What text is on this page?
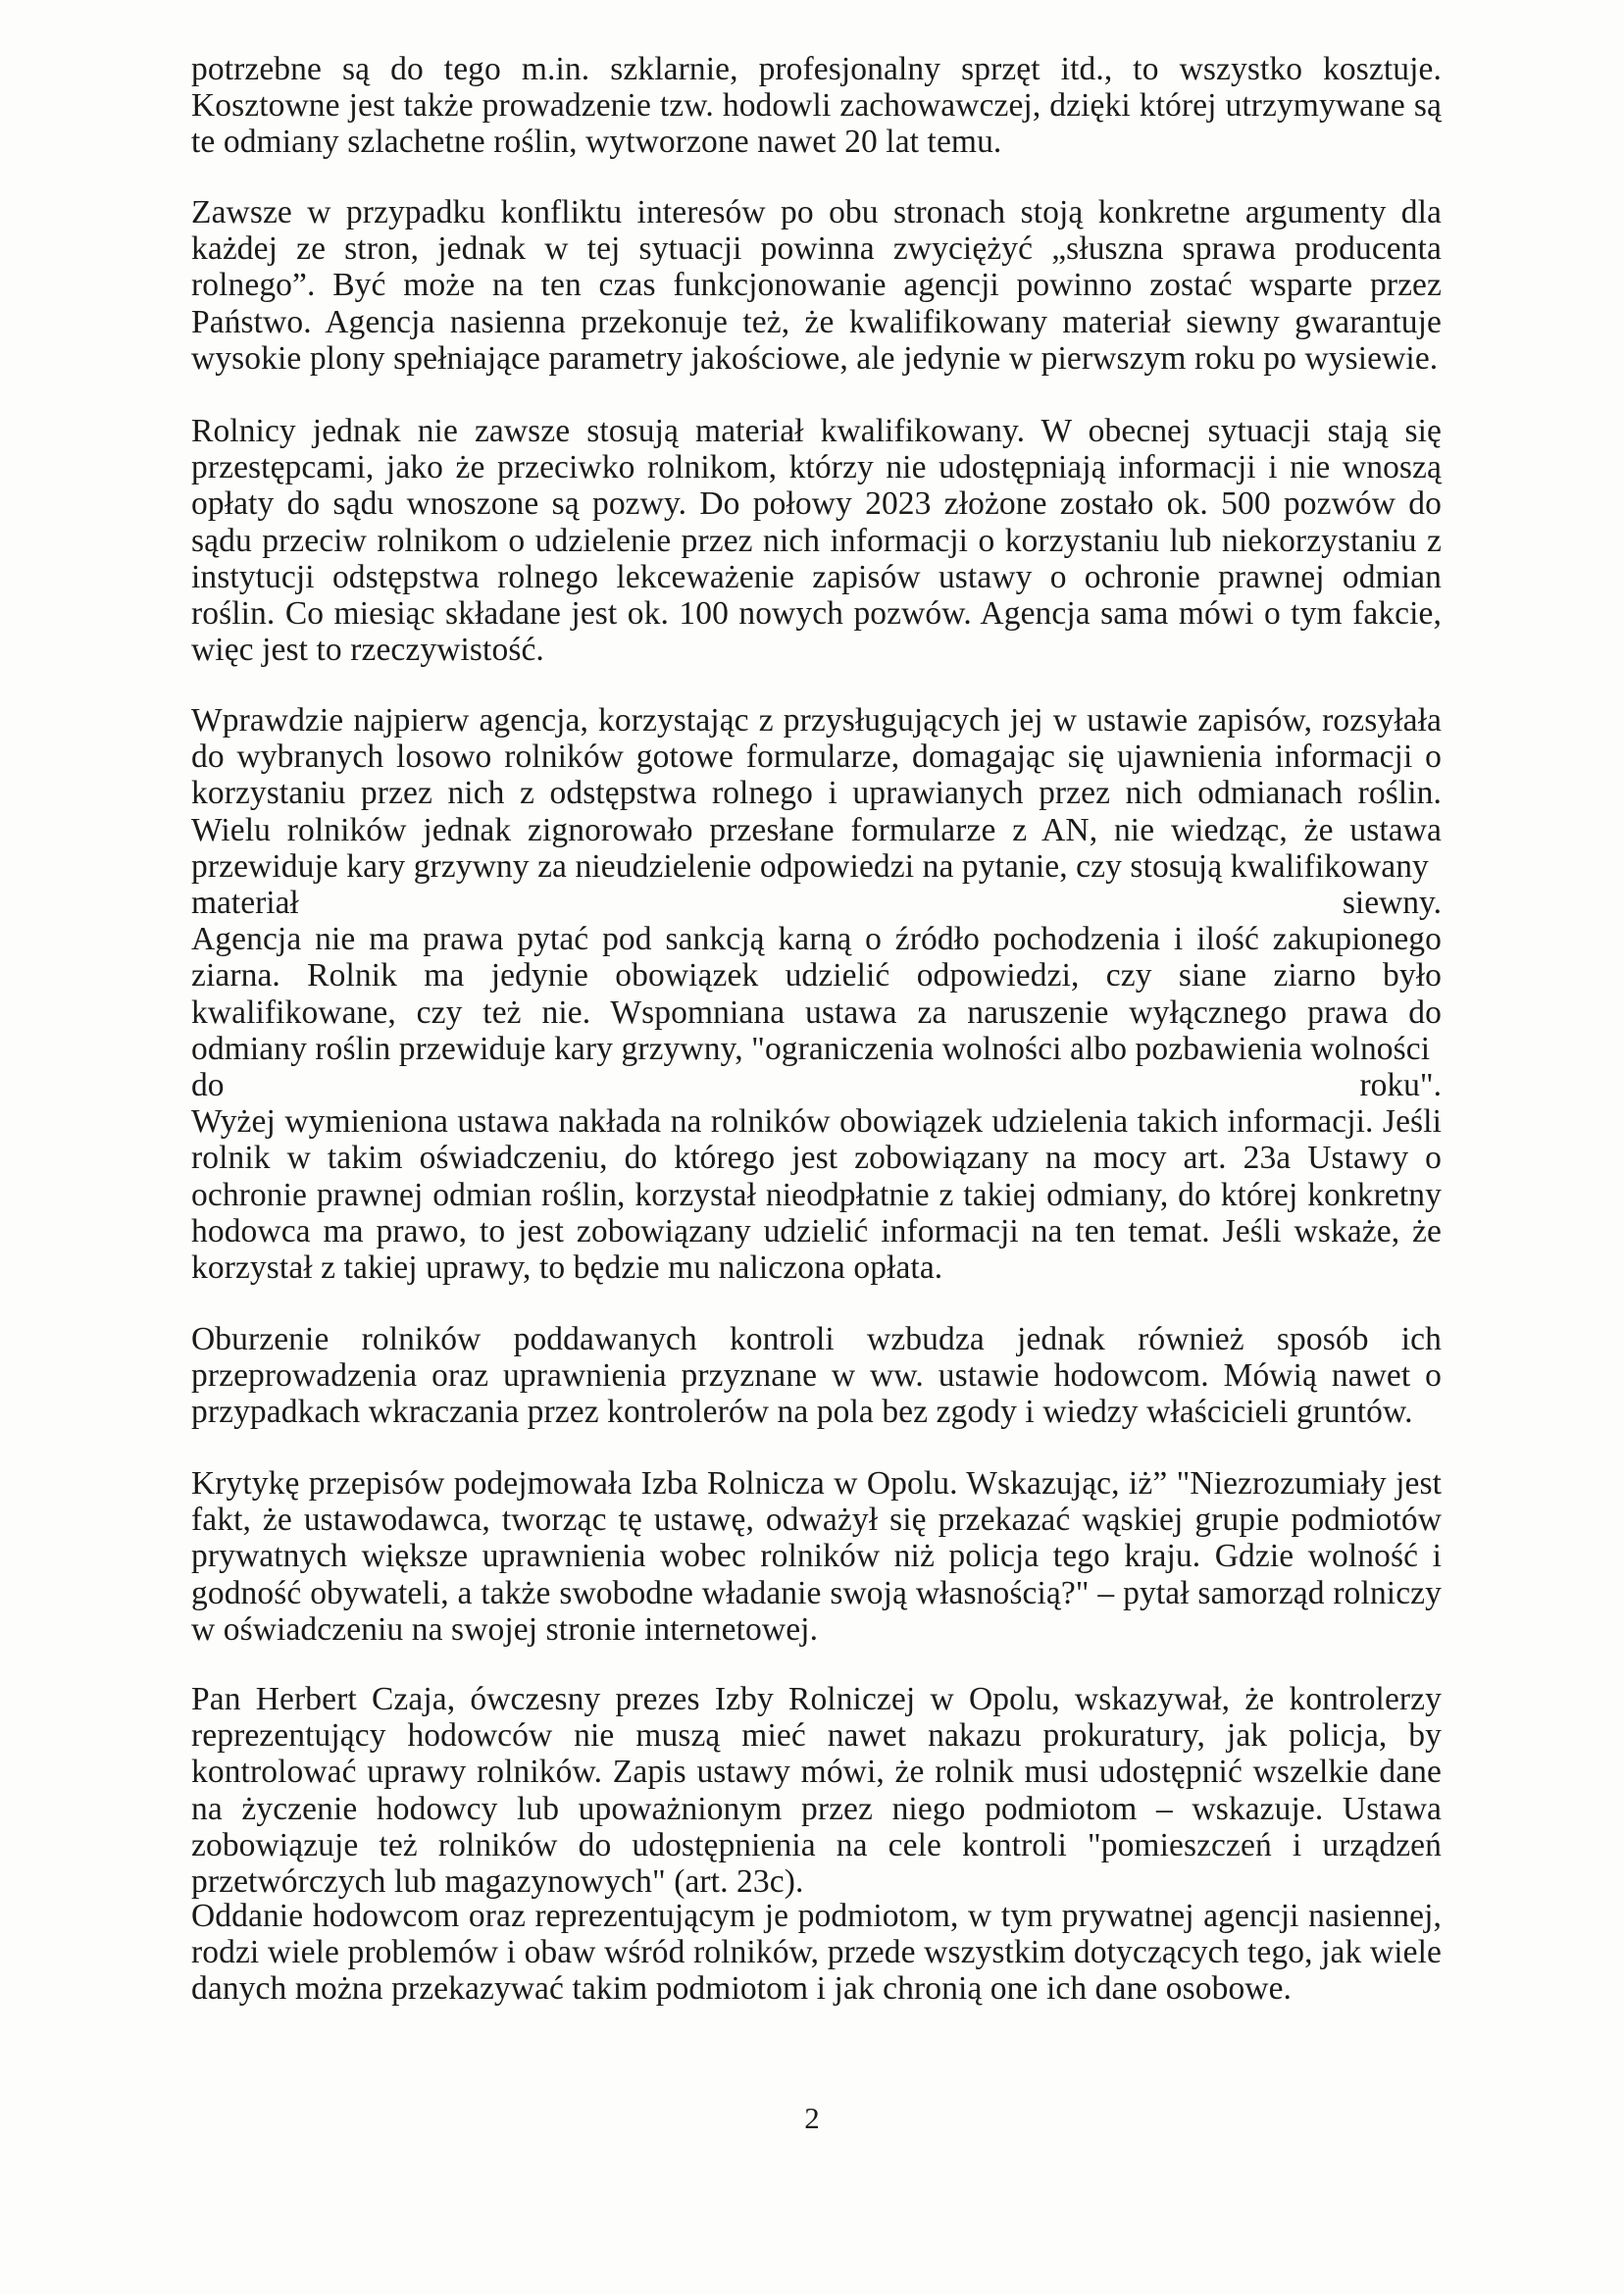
potrzebne są do tego m.in. szklarnie, profesjonalny sprzęt itd., to wszystko kosztuje. Kosztowne jest także prowadzenie tzw. hodowli zachowawczej, dzięki której utrzymywane są te odmiany szlachetne roślin, wytworzone nawet 20 lat temu.

Zawsze w przypadku konfliktu interesów po obu stronach stoją konkretne argumenty dla każdej ze stron, jednak w tej sytuacji powinna zwyciężyć „słuszna sprawa producenta rolnego”. Być może na ten czas funkcjonowanie agencji powinno zostać wsparte przez Państwo. Agencja nasienna przekonuje też, że kwalifikowany materiał siewny gwarantuje wysokie plony spełniające parametry jakościowe, ale jedynie w pierwszym roku po wysiewie.

Rolnicy jednak nie zawsze stosują materiał kwalifikowany. W obecnej sytuacji stają się przestępcami, jako że przeciwko rolnikom, którzy nie udostępniają informacji i nie wnoszą opłaty do sądu wnoszone są pozwy. Do połowy 2023 złożone zostało ok. 500 pozwów do sądu przeciw rolnikom o udzielenie przez nich informacji o korzystaniu lub niekorzystaniu z instytucji odstępstwa rolnego lekceważenie zapisów ustawy o ochronie prawnej odmian roślin. Co miesiąc składane jest ok. 100 nowych pozwów. Agencja sama mówi o tym fakcie, więc jest to rzeczywistość.

Wprawdzie najpierw agencja, korzystając z przysługujących jej w ustawie zapisów, rozsyłała do wybranych losowo rolników gotowe formularze, domagając się ujawnienia informacji o korzystaniu przez nich z odstępstwa rolnego i uprawianych przez nich odmianach roślin. Wielu rolników jednak zignorowało przesłane formularze z AN, nie wiedząc, że ustawa przewiduje kary grzywny za nieudzielenie odpowiedzi na pytanie, czy stosują kwalifikowany

materiał	siewny.

Agencja nie ma prawa pytać pod sankcją karną o źródło pochodzenia i ilość zakupionego ziarna. Rolnik ma jedynie obowiązek udzielić odpowiedzi, czy siane ziarno było kwalifikowane, czy też nie. Wspomniana ustawa za naruszenie wyłącznego prawa do odmiany roślin przewiduje kary grzywny, "ograniczenia wolności albo pozbawienia wolności

do	roku".

Wyżej wymieniona ustawa nakłada na rolników obowiązek udzielenia takich informacji. Jeśli rolnik w takim oświadczeniu, do którego jest zobowiązany na mocy art. 23a Ustawy o ochronie prawnej odmian roślin, korzystał nieodpłatnie z takiej odmiany, do której konkretny hodowca ma prawo, to jest zobowiązany udzielić informacji na ten temat. Jeśli wskaże, że korzystał z takiej uprawy, to będzie mu naliczona opłata.

Oburzenie rolników poddawanych kontroli wzbudza jednak również sposób ich przeprowadzenia oraz uprawnienia przyznane w ww. ustawie hodowcom. Mówią nawet o przypadkach wkraczania przez kontrolerów na pola bez zgody i wiedzy właścicieli gruntów.

Krytykę przepisów podejmowała Izba Rolnicza w Opolu. Wskazując, iż” "Niezrozumiały jest fakt, że ustawodawca, tworząc tę ustawę, odważył się przekazać wąskiej grupie podmiotów prywatnych większe uprawnienia wobec rolników niż policja tego kraju. Gdzie wolność i godność obywateli, a także swobodne władanie swoją własnością?" – pytał samorząd rolniczy w oświadczeniu na swojej stronie internetowej.

Pan Herbert Czaja, ówczesny prezes Izby Rolniczej w Opolu, wskazywał, że kontrolerzy reprezentujący hodowców nie muszą mieć nawet nakazu prokuratury, jak policja, by kontrolować uprawy rolników. Zapis ustawy mówi, że rolnik musi udostępnić wszelkie dane na życzenie hodowcy lub upoważnionym przez niego podmiotom – wskazuje. Ustawa zobowiązuje też rolników do udostępnienia na cele kontroli "pomieszczeń i urządzeń przetwórczych lub magazynowych" (art. 23c).

Oddanie hodowcom oraz reprezentującym je podmiotom, w tym prywatnej agencji nasiennej, rodzi wiele problemów i obaw wśród rolników, przede wszystkim dotyczących tego, jak wiele danych można przekazywać takim podmiotom i jak chronią one ich dane osobowe.

2
